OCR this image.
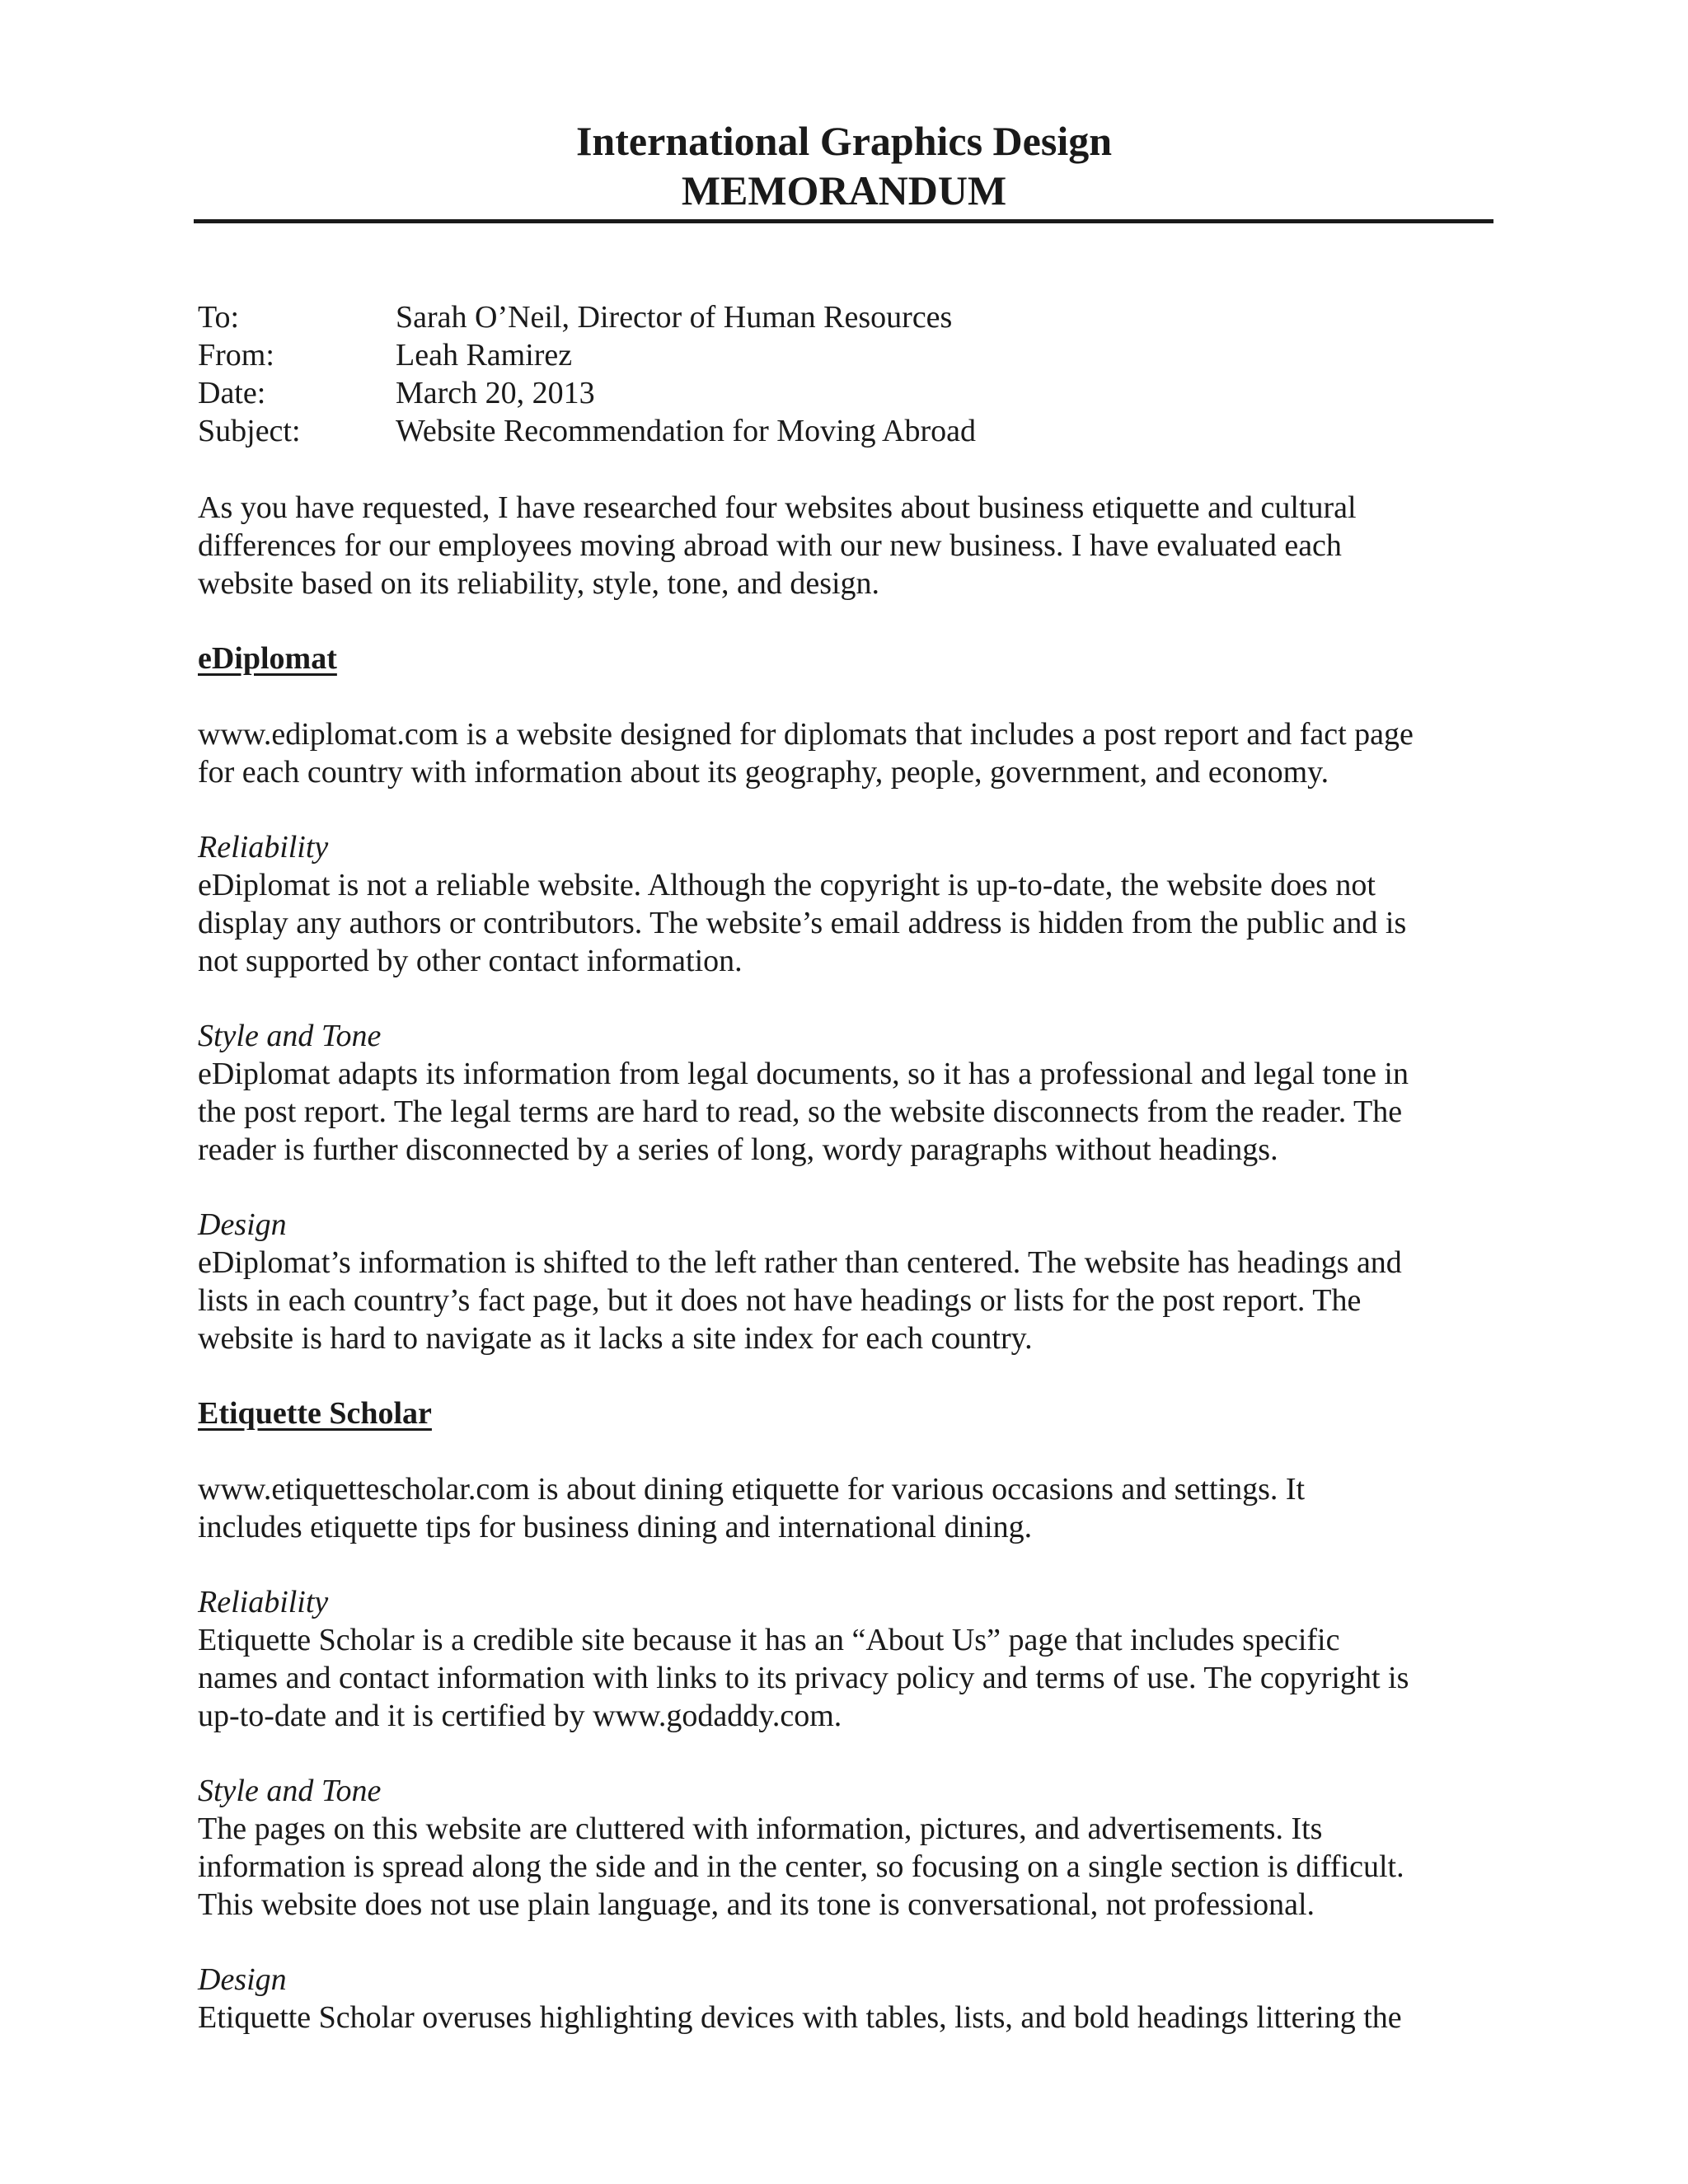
International Graphics Design
MEMORANDUM
To:	Sarah O’Neil, Director of Human Resources
From:	Leah Ramirez
Date:	March 20, 2013
Subject:	Website Recommendation for Moving Abroad

As you have requested, I have researched four websites about business etiquette and cultural
differences for our employees moving abroad with our new business. I have evaluated each
website based on its reliability, style, tone, and design.

eDiplomat

www.ediplomat.com is a website designed for diplomats that includes a post report and fact page
for each country with information about its geography, people, government, and economy.

Reliability

eDiplomat is not a reliable website. Although the copyright is up-to-date, the website does not
display any authors or contributors. The website’s email address is hidden from the public and is
not supported by other contact information.

Style and Tone

eDiplomat adapts its information from legal documents, so it has a professional and legal tone in
the post report. The legal terms are hard to read, so the website disconnects from the reader. The
reader is further disconnected by a series of long, wordy paragraphs without headings.

Design

eDiplomat’s information is shifted to the left rather than centered. The website has headings and
lists in each country’s fact page, but it does not have headings or lists for the post report. The
website is hard to navigate as it lacks a site index for each country.

Etiquette Scholar

www.etiquettescholar.com is about dining etiquette for various occasions and settings. It
includes etiquette tips for business dining and international dining.

Reliability

Etiquette Scholar is a credible site because it has an “About Us” page that includes specific
names and contact information with links to its privacy policy and terms of use. The copyright is
up-to-date and it is certified by www.godaddy.com.

Style and Tone

The pages on this website are cluttered with information, pictures, and advertisements. Its
information is spread along the side and in the center, so focusing on a single section is difficult.
This website does not use plain language, and its tone is conversational, not professional.

Design

Etiquette Scholar overuses highlighting devices with tables, lists, and bold headings littering the
